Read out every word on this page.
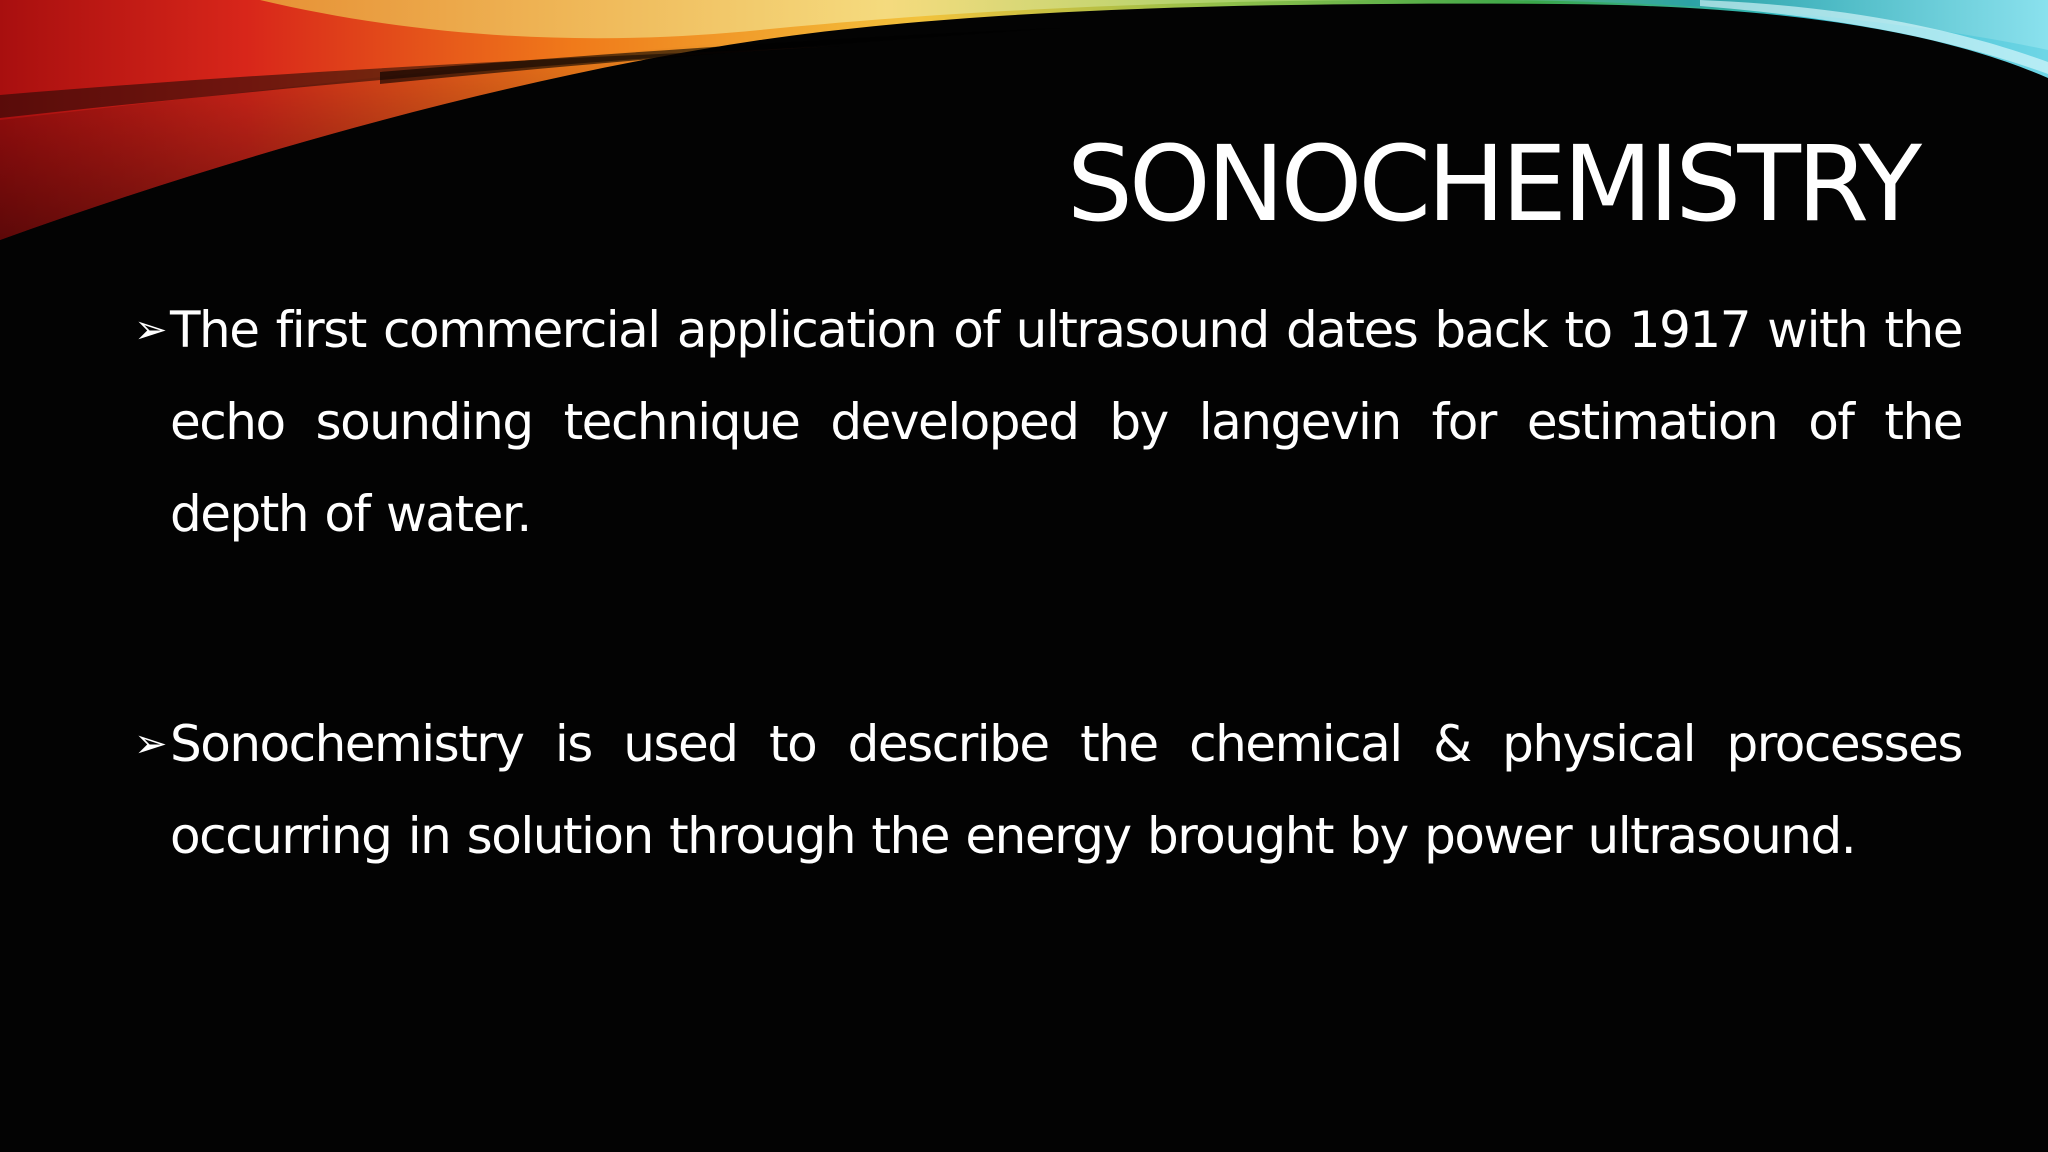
SONOCHEMISTRY
➢ The first commercial application of ultrasound dates back to 1917 with the echo sounding technique developed by langevin for estimation of the depth of water.
➢ Sonochemistry is used to describe the chemical & physical processes occurring in solution through the energy brought by power ultrasound.
